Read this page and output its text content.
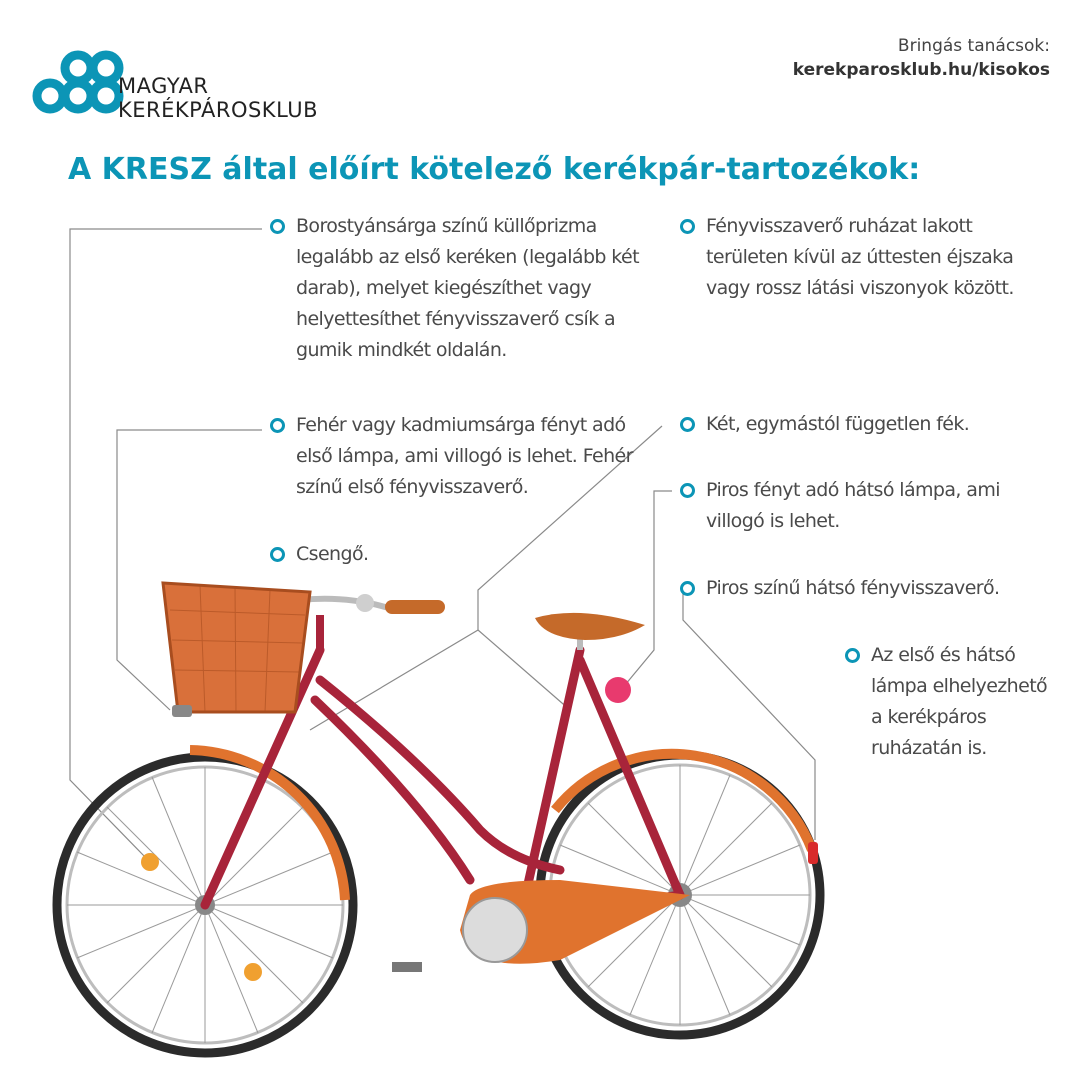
MAGYAR
KERÉKPÁROSKLUB
Bringás tanácsok:
kerekparosklub.hu/kisokos
A KRESZ által előírt kötelező kerékpár-tartozékok:
Borostyánsárga színű küllőprizma legalább az első keréken (legalább két darab), melyet kiegészíthet vagy helyettesíthet fényvisszaverő csík a gumik mindkét oldalán.
Fehér vagy kadmiumsárga fényt adó első lámpa, ami villogó is lehet. Fehér színű első fényvisszaverő.
Csengő.
Fényvisszaverő ruházat lakott területen kívül az úttesten éjszaka vagy rossz látási viszonyok között.
Két, egymástól független fék.
Piros fényt adó hátsó lámpa, ami villogó is lehet.
Piros színű hátsó fényvisszaverő.
Az első és hátsó lámpa elhelyezhető a kerékpáros ruházatán is.
